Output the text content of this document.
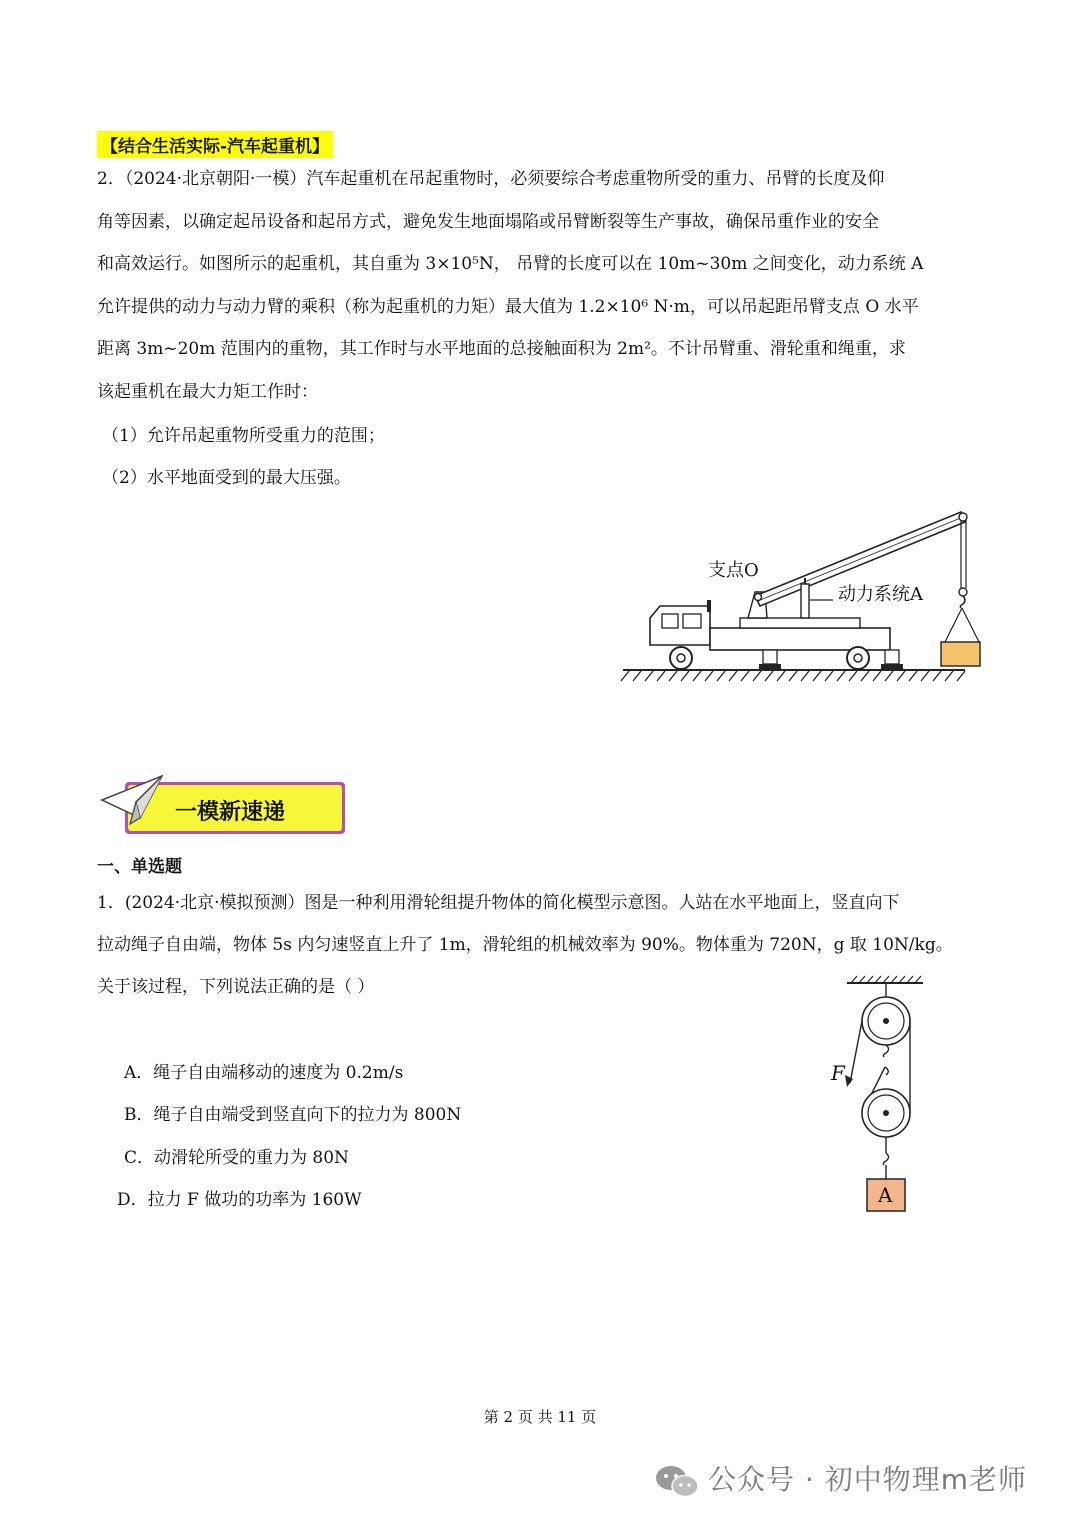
【结合生活实际-汽车起重机】

2．（2024·北京朝阳·一模）汽车起重机在吊起重物时，必须要综合考虑重物所受的重力、吊臂的长度及仰

角等因素，以确定起吊设备和起吊方式，避免发生地面塌陷或吊臂断裂等生产事故，确保吊重作业的安全

和高效运行。如图所示的起重机，其自重为 3×10⁵N， 吊臂的长度可以在 10m~30m 之间变化，动力系统 A

允许提供的动力与动力臂的乘积（称为起重机的力矩）最大值为 1.2×10⁶ N·m，可以吊起距吊臂支点 O 水平

距离 3m~20m 范围内的重物，其工作时与水平地面的总接触面积为 2m²。不计吊臂重、滑轮重和绳重，求

该起重机在最大力矩工作时：

（1）允许吊起重物所受重力的范围；
（2）水平地面受到的最大压强。
支点O
动力系统A
一模新速递
一、单选题
1．(2024·北京·模拟预测）图是一种利用滑轮组提升物体的简化模型示意图。人站在水平地面上，竖直向下
拉动绳子自由端，物体 5s 内匀速竖直上升了 1m，滑轮组的机械效率为 90%。物体重为 720N，g 取 10N/kg。
关于该过程，下列说法正确的是（ ）
A．绳子自由端移动的速度为 0.2m/s
B．绳子自由端受到竖直向下的拉力为 800N
C．动滑轮所受的重力为 80N
D．拉力 F 做功的功率为 160W
F
A
第 2 页 共 11 页
公众号 · 初中物理m老师
